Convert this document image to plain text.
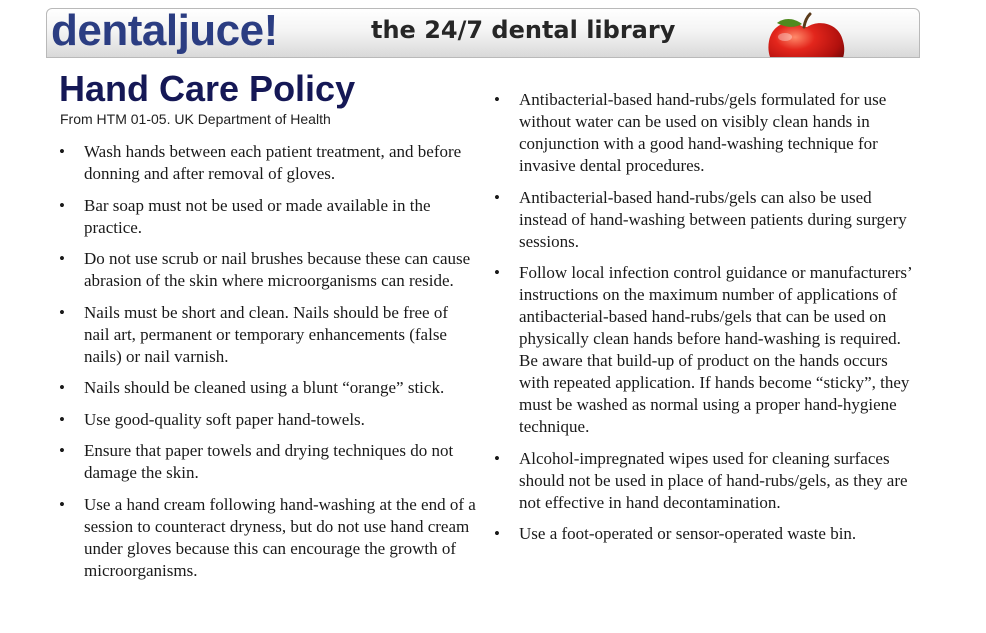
dentaljuce!	the 24/7 dental library
Hand Care Policy
From HTM 01-05. UK Department of Health
• Wash hands between each patient treatment, and before donning and after removal of gloves.
• Bar soap must not be used or made available in the practice.
• Do not use scrub or nail brushes because these can cause abrasion of the skin where microorganisms can reside.
• Nails must be short and clean. Nails should be free of nail art, permanent or temporary enhancements (false nails) or nail varnish.
• Nails should be cleaned using a blunt “orange” stick.
• Use good-quality soft paper hand-towels.
• Ensure that paper towels and drying techniques do not damage the skin.
• Use a hand cream following hand-washing at the end of a session to counteract dryness, but do not use hand cream under gloves because this can encourage the growth of microorganisms.
• Antibacterial-based hand-rubs/gels formulated for use without water can be used on visibly clean hands in conjunction with a good hand-washing technique for invasive dental procedures.
• Antibacterial-based hand-rubs/gels can also be used instead of hand-washing between patients during surgery sessions.
• Follow local infection control guidance or manufacturers’ instructions on the maximum number of applications of antibacterial-based hand-rubs/gels that can be used on physically clean hands before hand-washing is required. Be aware that build-up of product on the hands occurs with repeated application. If hands become “sticky”, they must be washed as normal using a proper hand-hygiene technique.
• Alcohol-impregnated wipes used for cleaning surfaces should not be used in place of hand-rubs/gels, as they are not effective in hand decontamination.
• Use a foot-operated or sensor-operated waste bin.
